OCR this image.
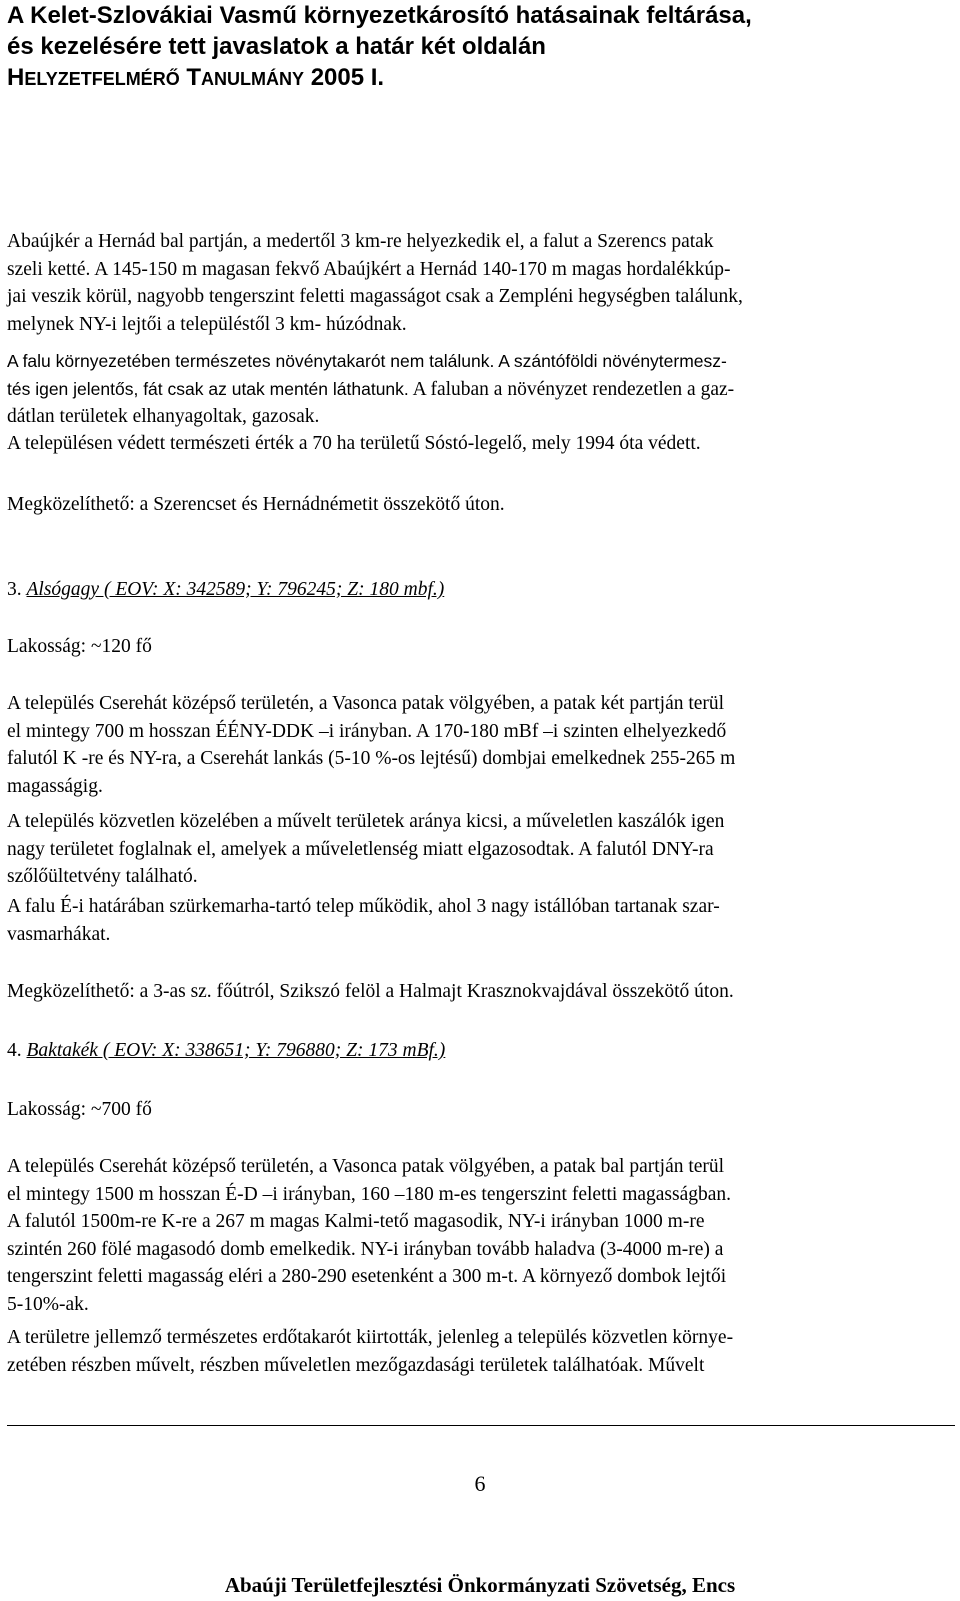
A Kelet-Szlovákiai Vasmű környezetkárosító hatásainak feltárása,
és kezelésére tett javaslatok a határ két oldalán
HELYZETFELMÉRŐ TANULMÁNY 2005 I.

Abaújkér a Hernád bal partján, a medertől 3 km-re helyezkedik el, a falut a Szerencs patak

szeli ketté. A 145-150 m magasan fekvő Abaújkért a Hernád 140-170 m magas hordalékkúp-

jai veszik körül, nagyobb tengerszint feletti magasságot csak a Zempléni hegységben találunk,

melynek NY-i lejtői a településtől 3 km- húzódnak.

A falu környezetében természetes növénytakarót nem találunk. A szántóföldi növénytermesz-

tés igen jelentős, fát csak az utak mentén láthatunk. A faluban a növényzet rendezetlen a gaz-

dátlan területek elhanyagoltak, gazosak.

A településen védett természeti érték a 70 ha területű Sóstó-legelő, mely 1994 óta védett.

Megközelíthető: a Szerencset és Hernádnémetit összekötő úton.

3. Alsógagy ( EOV: X: 342589; Y: 796245; Z: 180 mbf.)

Lakosság: ~120 fő

A település Cserehát középső területén, a Vasonca patak völgyében, a patak két partján terül

el mintegy 700 m hosszan ÉÉNY-DDK –i irányban. A 170-180 mBf –i szinten elhelyezkedő

falutól K -re és NY-ra, a Cserehát lankás (5-10 %-os lejtésű) dombjai emelkednek 255-265 m

magasságig.

A település közvetlen közelében a művelt területek aránya kicsi, a műveletlen kaszálók igen

nagy területet foglalnak el, amelyek a műveletlenség miatt elgazosodtak. A falutól DNY-ra

szőlőültetvény található.

A falu É-i határában szürkemarha-tartó telep működik, ahol 3 nagy istállóban tartanak szar-

vasmarhákat.

Megközelíthető: a 3-as sz. főútról, Szikszó felöl a Halmajt Krasznokvajdával összekötő úton.

4. Baktakék ( EOV: X: 338651; Y: 796880; Z: 173 mBf.)

Lakosság: ~700 fő

A település Cserehát középső területén, a Vasonca patak völgyében, a patak bal partján terül

el mintegy 1500 m hosszan É-D –i irányban, 160 –180 m-es tengerszint feletti magasságban.

A falutól 1500m-re K-re a 267 m magas Kalmi-tető magasodik, NY-i irányban 1000 m-re

szintén 260 fölé magasodó domb emelkedik. NY-i irányban tovább haladva (3-4000 m-re) a

tengerszint feletti magasság eléri a 280-290 esetenként a 300 m-t. A környező dombok lejtői

5-10%-ak.

A területre jellemző természetes erdőtakarót kiirtották, jelenleg a település közvetlen környe-

zetében részben művelt, részben műveletlen mezőgazdasági területek találhatóak. Művelt

6
Abaúji Területfejlesztési Önkormányzati Szövetség, Encs
